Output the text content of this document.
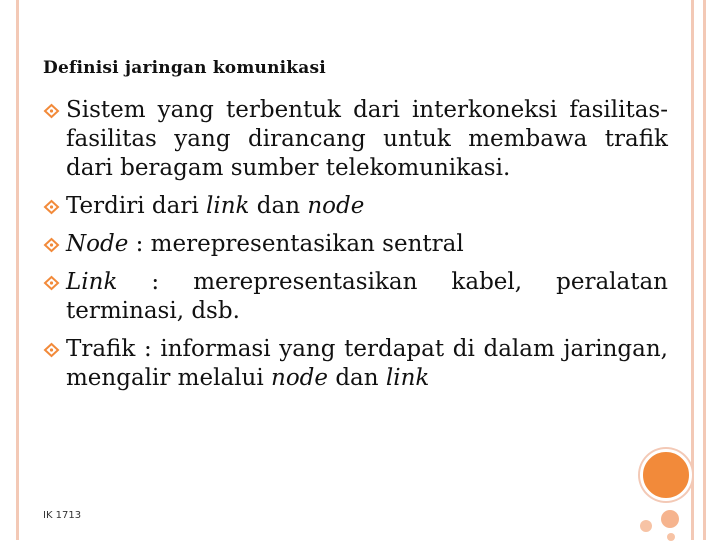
Definisi jaringan komunikasi
Sistem yang terbentuk dari interkoneksi fasilitas-fasilitas yang dirancang untuk membawa trafik dari beragam sumber telekomunikasi.
Terdiri dari link dan node
Node : merepresentasikan sentral
Link : merepresentasikan kabel, peralatan terminasi, dsb.
Trafik : informasi yang terdapat di dalam jaringan, mengalir melalui node dan link
IK 1713
